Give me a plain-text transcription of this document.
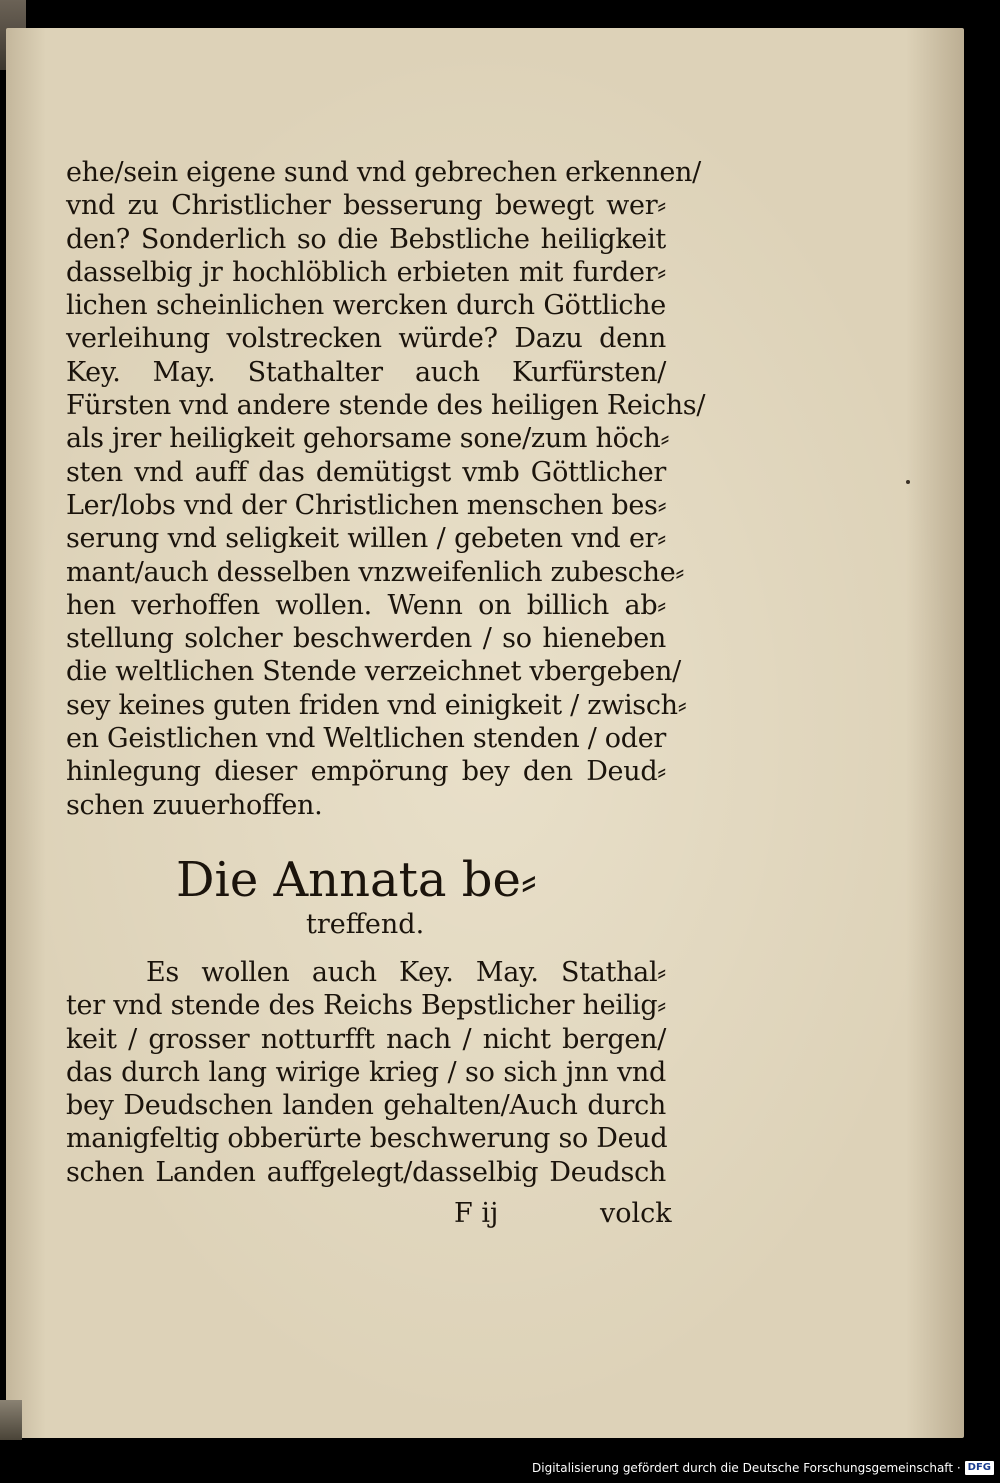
ehe/sein eigene sund vnd gebrechen erkennen/
vnd zu Christlicher besserung bewegt wer⸗
den? Sonderlich so die Bebstliche heiligkeit
dasselbig jr hochlöblich erbieten mit furder⸗
lichen scheinlichen wercken durch Göttliche
verleihung volstrecken würde? Dazu denn
Key. May. Stathalter auch Kurfürsten/
Fürsten vnd andere stende des heiligen Reichs/
als jrer heiligkeit gehorsame sone/zum höch⸗
sten vnd auff das demütigst vmb Göttlicher
Ler/lobs vnd der Christlichen menschen bes⸗
serung vnd seligkeit willen / gebeten vnd er⸗
mant/auch desselben vnzweifenlich zubesche⸗
hen verhoffen wollen. Wenn on billich ab⸗
stellung solcher beschwerden / so hieneben
die weltlichen Stende verzeichnet vbergeben/
sey keines guten friden vnd einigkeit / zwisch⸗
en Geistlichen vnd Weltlichen stenden / oder
hinlegung dieser empörung bey den Deud⸗
schen zuuerhoffen.
Die Annata be⸗
treffend.
Es wollen auch Key. May. Stathal⸗
ter vnd stende des Reichs Bepstlicher heilig⸗
keit / grosser notturfft nach / nicht bergen/
das durch lang wirige krieg / so sich jnn vnd
bey Deudschen landen gehalten/Auch durch
manigfeltig obberürte beschwerung so Deud
schen Landen auffgelegt/dasselbig Deudsch
F ij	volck
Digitalisierung gefördert durch die Deutsche Forschungsgemeinschaft · DFG
